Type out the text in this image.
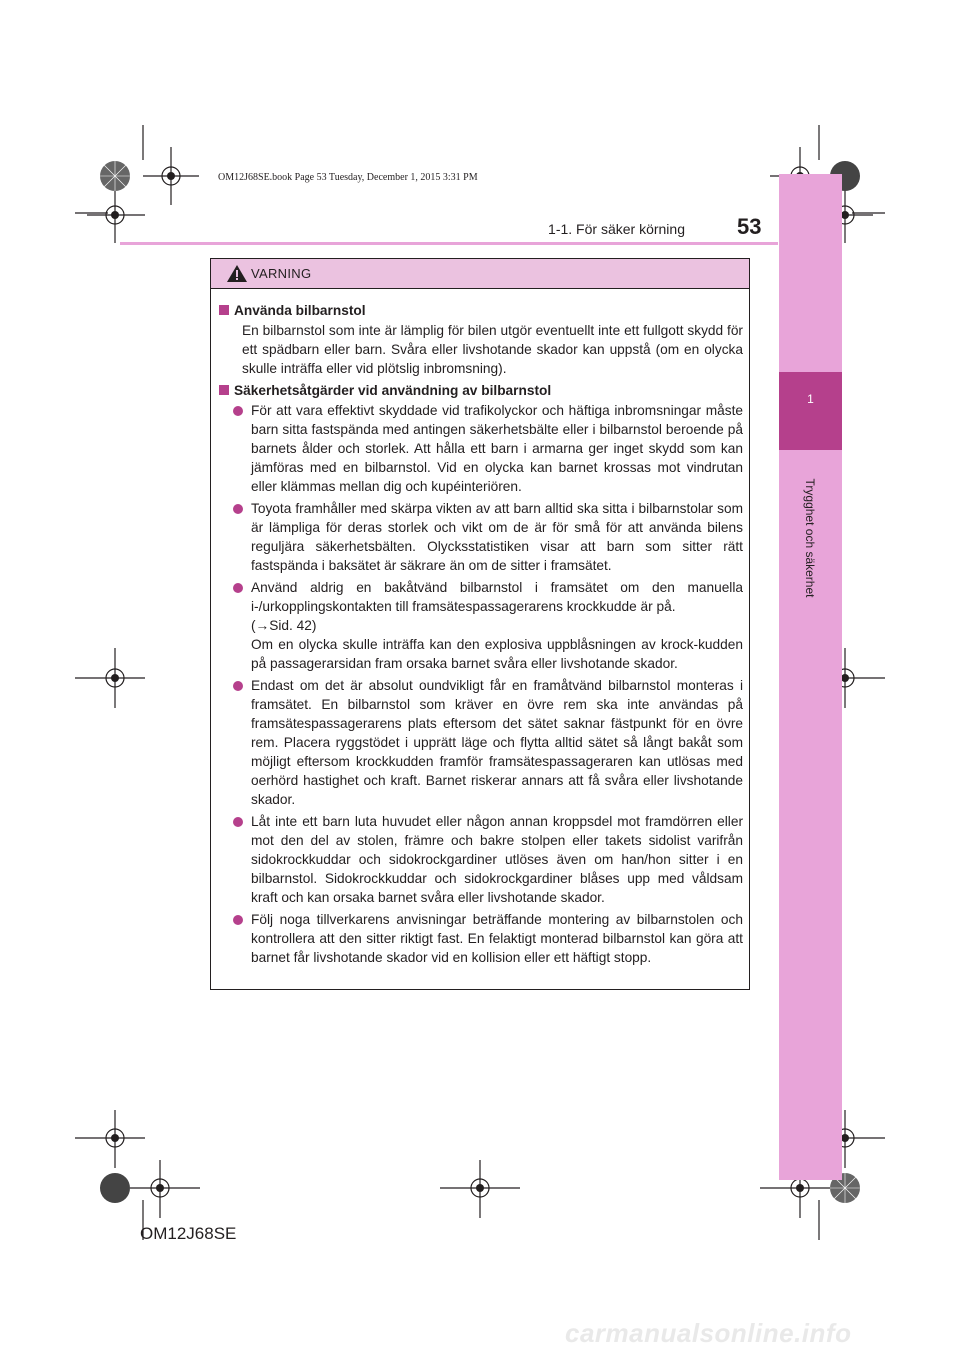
OM12J68SE.book Page 53 Tuesday, December 1, 2015 3:31 PM
1
Trygghet och säkerhet
1-1. För säker körning 53
VARNING
Använda bilbarnstol
En bilbarnstol som inte är lämplig för bilen utgör eventuellt inte ett fullgott skydd för ett spädbarn eller barn. Svåra eller livshotande skador kan uppstå (om en olycka skulle inträffa eller vid plötslig inbromsning).
Säkerhetsåtgärder vid användning av bilbarnstol
För att vara effektivt skyddade vid trafikolyckor och häftiga inbromsningar måste barn sitta fastspända med antingen säkerhetsbälte eller i bilbarnstol beroende på barnets ålder och storlek. Att hålla ett barn i armarna ger inget skydd som kan jämföras med en bilbarnstol. Vid en olycka kan barnet krossas mot vindrutan eller klämmas mellan dig och kupéinteriören.
Toyota framhåller med skärpa vikten av att barn alltid ska sitta i bilbarnstolar som är lämpliga för deras storlek och vikt om de är för små för att använda bilens reguljära säkerhetsbälten. Olycksstatistiken visar att barn som sitter rätt fastspända i baksätet är säkrare än om de sitter i framsätet.
Använd aldrig en bakåtvänd bilbarnstol i framsätet om den manuella i-/urkopplingskontakten till framsätespassagerarens krockkudde är på.
(→Sid. 42)
Om en olycka skulle inträffa kan den explosiva uppblåsningen av krock-kudden på passagerarsidan fram orsaka barnet svåra eller livshotande skador.
Endast om det är absolut oundvikligt får en framåtvänd bilbarnstol monteras i framsätet. En bilbarnstol som kräver en övre rem ska inte användas på framsätespassagerarens plats eftersom det sätet saknar fästpunkt för en övre rem. Placera ryggstödet i upprätt läge och flytta alltid sätet så långt bakåt som möjligt eftersom krockkudden framför framsätespassageraren kan utlösas med oerhörd hastighet och kraft. Barnet riskerar annars att få svåra eller livshotande skador.
Låt inte ett barn luta huvudet eller någon annan kroppsdel mot framdörren eller mot den del av stolen, främre och bakre stolpen eller takets sidolist varifrån sidokrockkuddar och sidokrockgardiner utlöses även om han/hon sitter i en bilbarnstol. Sidokrockkuddar och sidokrockgardiner blåses upp med våldsam kraft och kan orsaka barnet svåra eller livshotande skador.
Följ noga tillverkarens anvisningar beträffande montering av bilbarnstolen och kontrollera att den sitter riktigt fast. En felaktigt monterad bilbarnstol kan göra att barnet får livshotande skador vid en kollision eller ett häftigt stopp.
OM12J68SE
carmanualsonline.info
